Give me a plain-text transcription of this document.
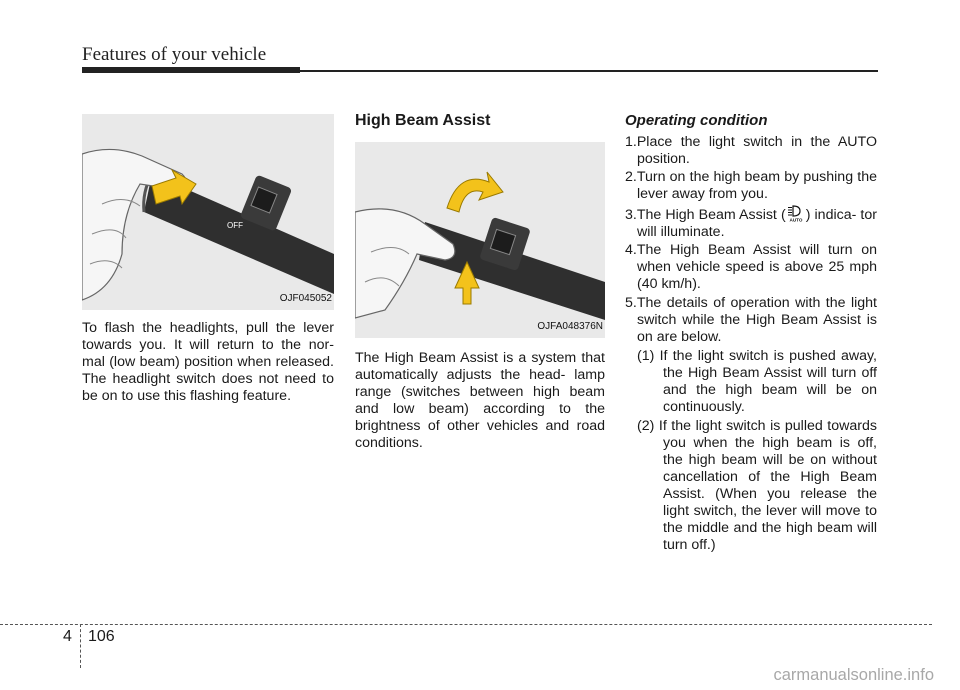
Features of your vehicle
OFF
OJF045052

To flash the headlights, pull the lever towards you. It will return to the nor- mal (low beam) position when released. The headlight switch does not need to be on to use this flashing feature.

High Beam Assist
OJFA048376N

The High Beam Assist is a system that automatically adjusts the head- lamp range (switches between high beam and low beam) according to the brightness of other vehicles and road conditions.

Operating condition
1.Place the light switch in the AUTO position.
2.Turn on the high beam by pushing the lever away from you.
3.The High Beam Assist ( AUTO ) indica- tor will illuminate.
4.The High Beam Assist will turn on when vehicle speed is above 25 mph (40 km/h).
5.The details of operation with the light switch while the High Beam Assist is on are below.
(1) If the light switch is pushed away, the High Beam Assist will turn off and the high beam will be on continuously.
(2) If the light switch is pulled towards you when the high beam is off, the high beam will be on without cancellation of the High Beam Assist. (When you release the light switch, the lever will move to the middle and the high beam will turn off.)
4 106
carmanualsonline.info
